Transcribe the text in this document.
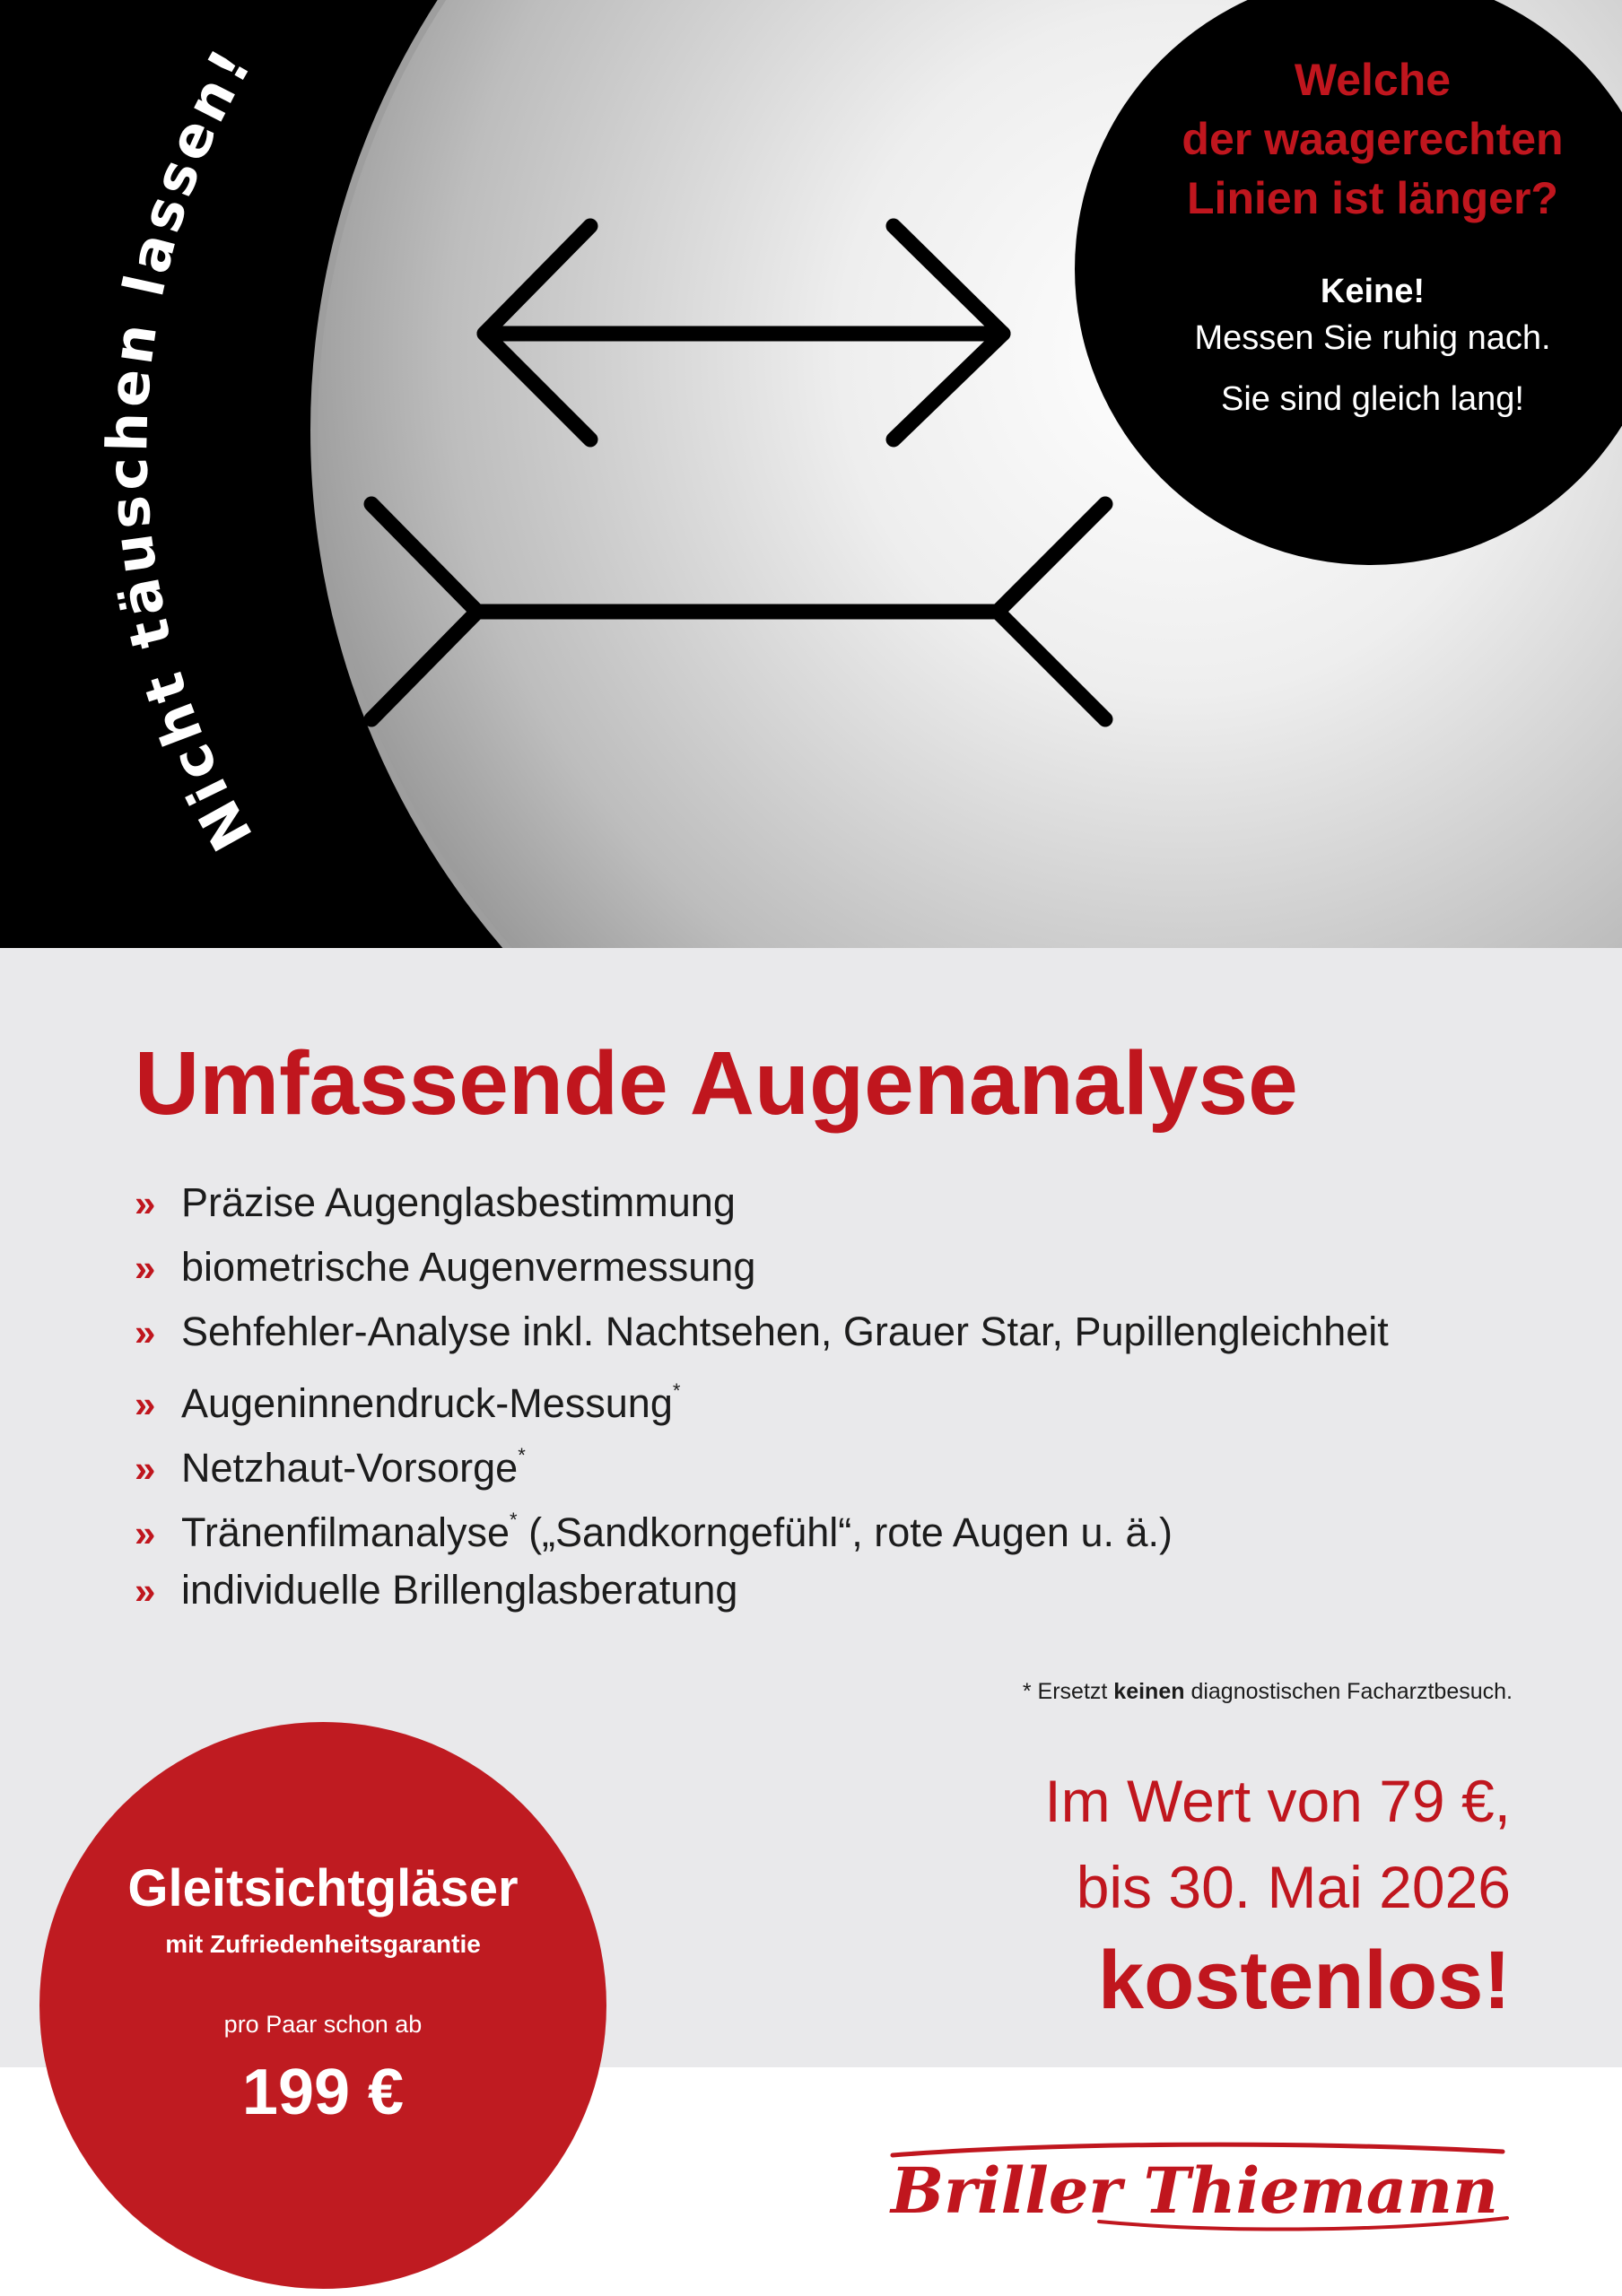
Nicht täuschen lassen!	Welche
der waagerechten
Linien ist länger?
Keine!
Messen Sie ruhig nach.
Sie sind gleich lang!
Umfassende Augenanalyse
» Präzise Augenglasbestimmung
» biometrische Augenvermessung
» Sehfehler-Analyse inkl. Nachtsehen, Grauer Star, Pupillengleichheit
» Augeninnendruck-Messung*
» Netzhaut-Vorsorge*
» Tränenfilmanalyse* („Sandkorngefühl“, rote Augen u. ä.)
» individuelle Brillenglasberatung
* Ersetzt keinen diagnostischen Facharztbesuch.
Im Wert von 79 €,
bis 30. Mai 2026
kostenlos!
Gleitsichtgläser
mit Zufriedenheitsgarantie
pro Paar schon ab
199 €
Briller Thiemann
